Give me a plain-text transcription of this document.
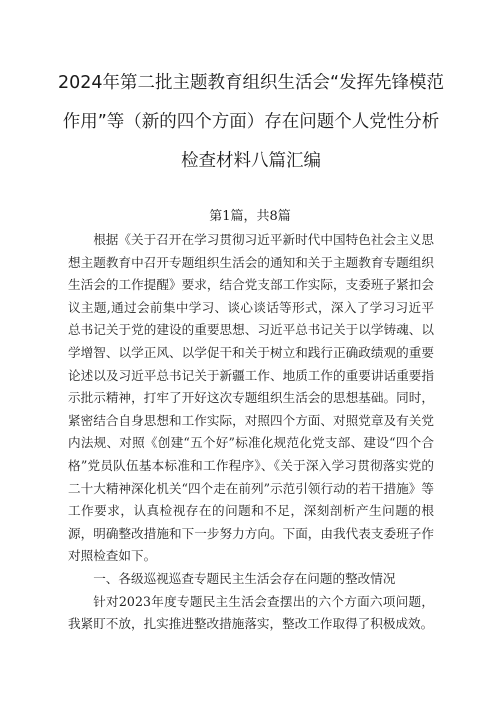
2024年第二批主题教育组织生活会“发挥先锋模范作用”等（新的四个方面）存在问题个人党性分析检查材料八篇汇编
第1篇，共8篇

根据《关于召开在学习贯彻习近平新时代中国特色社会主义思想主题教育中召开专题组织生活会的通知和关于主题教育专题组织生活会的工作提醒》要求，结合党支部工作实际，支委班子紧扣会议主题,通过会前集中学习、谈心谈话等形式，深入了学习习近平总书记关于党的建设的重要思想、习近平总书记关于以学铸魂、以学增智、以学正风、以学促干和关于树立和践行正确政绩观的重要论述以及习近平总书记关于新疆工作、地质工作的重要讲话重要指示批示精神，打牢了开好这次专题组织生活会的思想基础。同时，紧密结合自身思想和工作实际，对照四个方面、对照党章及有关党内法规、对照《创建“五个好”标准化规范化党支部、建设“四个合格”党员队伍基本标准和工作程序》、《关于深入学习贯彻落实党的二十大精神深化机关“四个走在前列”示范引领行动的若干措施》等工作要求，认真检视存在的问题和不足，深刻剖析产生问题的根源，明确整改措施和下一步努力方向。下面，由我代表支委班子作对照检查如下。

一、各级巡视巡查专题民主生活会存在问题的整改情况

针对2023年度专题民主生活会查摆出的六个方面六项问题，我紧盯不放，扎实推进整改措施落实，整改工作取得了积极成效。
